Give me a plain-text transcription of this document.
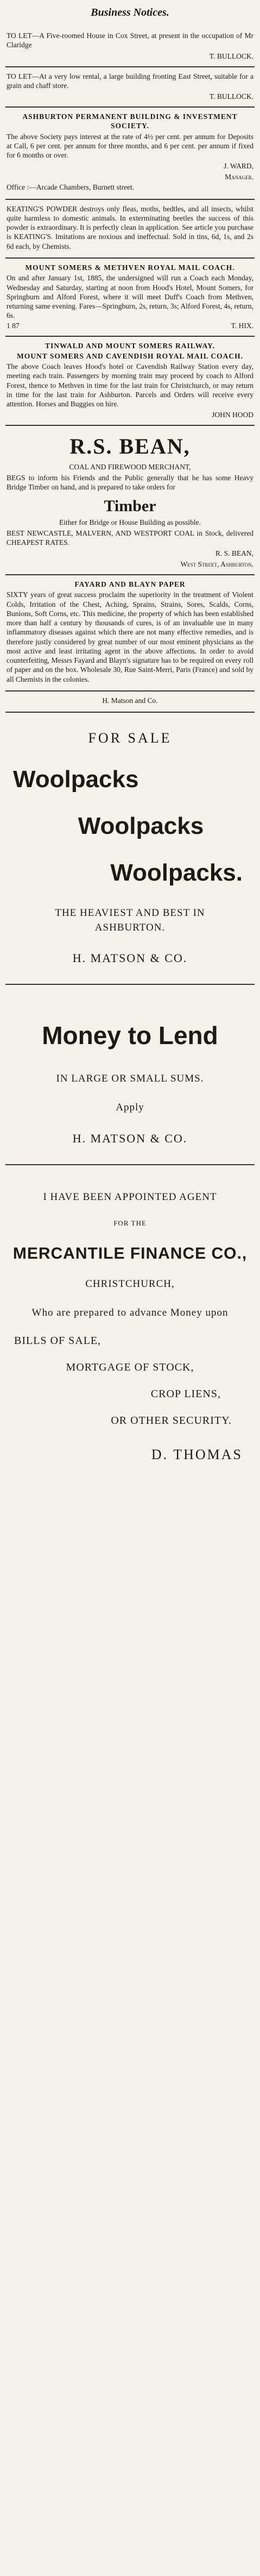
Business Notices.

TO LET—A Five-roomed House in Cox Street, at present in the occupation of Mr Claridge

T. BULLOCK.

TO LET—At a very low rental, a large building fronting East Street, suitable for a grain and chaff store.

T. BULLOCK.

ASHBURTON PERMANENT BUILDING & INVESTMENT SOCIETY.

The above Society pays interest at the rate of 4½ per cent. per annum for Deposits at Call, 6 per cent. per annum for three months, and 6 per cent. per annum if fixed for 6 months or over.

J. WARD,
Manager.

Office :—Arcade Chambers, Burnett street.

KEATING'S POWDER destroys only fleas, moths, bedtles, and all insects, whilst quite harmless to domestic animals. In exterminating beetles the success of this powder is extraordinary. It is perfectly clean in application. See article you purchase is KEATING'S. Imitations are noxious and ineffectual. Sold in tins, 6d, 1s, and 2s 6d each, by Chemists.

MOUNT SOMERS & METHVEN ROYAL MAIL COACH.

On and after January 1st, 1885, the undersigned will run a Coach each Monday, Wednesday and Saturday, starting at noon from Hood's Hotel, Mount Somers, for Springburn and Alford Forest, where it will meet Duff's Coach from Methven, returning same evening. Fares—Springburn, 2s, return, 3s; Alford Forest, 4s, return, 6s.

1 87	T. HIX.

TINWALD AND MOUNT SOMERS RAILWAY.

MOUNT SOMERS AND CAVENDISH ROYAL MAIL COACH.

The above Coach leaves Hood's hotel or Cavendish Railway Station every day, meeting each train. Passengers by morning train may proceed by coach to Alford Forest, thence to Methven in time for the last train for Christchurch, or may return in time for the last train for Ashburton. Parcels and Orders will receive every attention. Horses and Buggies on hire.

JOHN HOOD
R.S. BEAN,

COAL AND FIREWOOD MERCHANT,

BEGS to inform his Friends and the Public generally that he has some Heavy Bridge Timber on hand, and is prepared to take orders for

Timber

Either for Bridge or House Building as possible.

BEST NEWCASTLE, MALVERN, AND WESTPORT COAL in Stock, delivered CHEAPEST RATES.

R. S. BEAN,
West Street, Ashburton.

FAYARD AND BLAYN PAPER

SIXTY years of great success proclaim the superiority in the treatment of Violent Colds, Irritation of the Chest, Aching, Sprains, Strains, Sores, Scalds, Corns, Bunions, Soft Corns, etc. This medicine, the property of which has been established more than half a century by thousands of cures, is of an invaluable use in many inflammatory diseases against which there are not many effective remedies, and is therefore justly considered by great number of our most eminent physicians as the most active and least irritating agent in the above affections. In order to avoid counterfeiting, Messrs Fayard and Blayn's signature has to be required on every roll of paper and on the box. Wholesale 30, Rue Saint-Merri, Paris (France) and sold by all Chemists in the colonies.

H. Matson and Co.

FOR SALE
Woolpacks
Woolpacks
Woolpacks.
THE HEAVIEST AND BEST IN
ASHBURTON.
H. MATSON & CO.
Money to Lend
IN LARGE OR SMALL SUMS.
Apply
H. MATSON & CO.
I HAVE BEEN APPOINTED AGENT
FOR THE
MERCANTILE FINANCE CO.,
CHRISTCHURCH,
Who are prepared to advance Money upon
BILLS OF SALE,
MORTGAGE OF STOCK,
CROP LIENS,
OR OTHER SECURITY.
D. THOMAS
